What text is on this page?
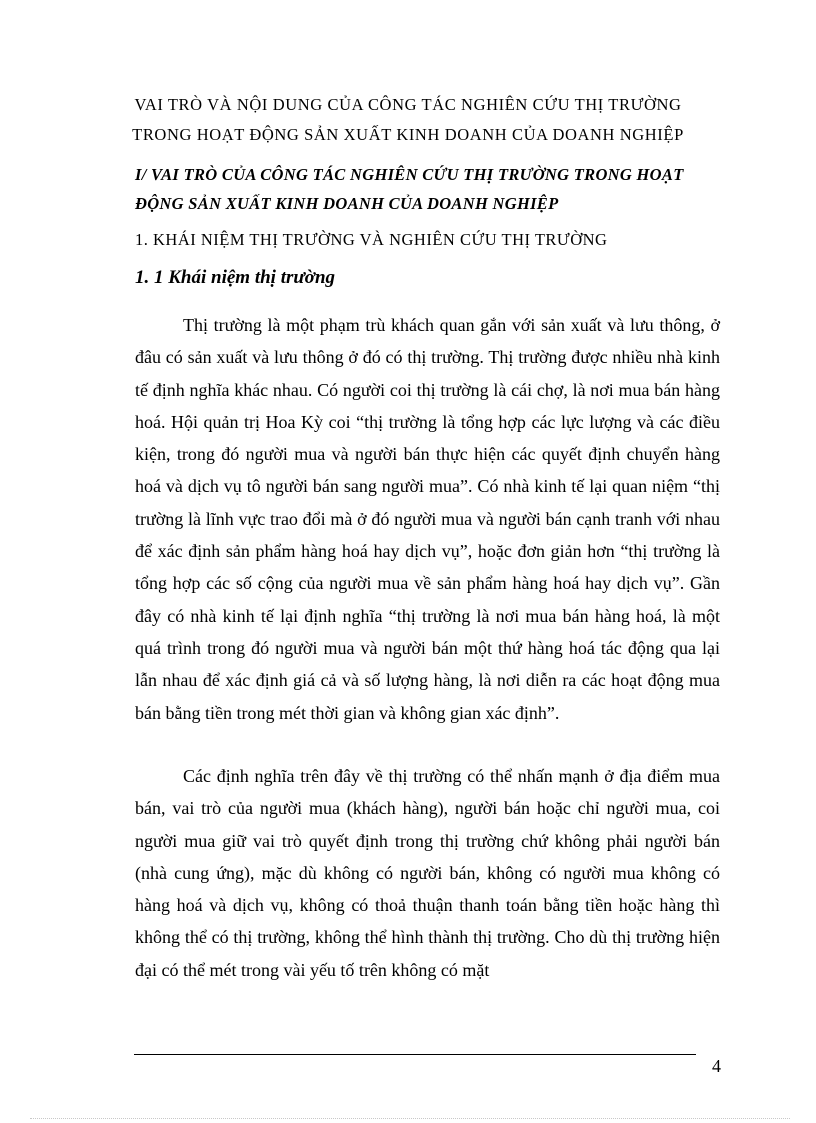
VAI TRÒ VÀ NỘI DUNG CỦA CÔNG TÁC NGHIÊN CỨU THỊ TRƯỜNG
TRONG HOẠT ĐỘNG SẢN XUẤT KINH DOANH CỦA DOANH NGHIỆP
I/ VAI TRÒ CỦA CÔNG TÁC NGHIÊN CỨU THỊ TRƯỜNG TRONG HOẠT ĐỘNG SẢN XUẤT KINH DOANH CỦA DOANH NGHIỆP
1. KHÁI NIỆM THỊ TRƯỜNG VÀ NGHIÊN CỨU THỊ TRƯỜNG
1. 1 Khái niệm thị trường

Thị trường là một phạm trù khách quan gắn với sản xuất và lưu thông, ở đâu có sản xuất và lưu thông ở đó có thị trường. Thị trường được nhiều nhà kinh tế định nghĩa khác nhau. Có người coi thị trường là cái chợ, là nơi mua bán hàng hoá. Hội quản trị Hoa Kỳ coi “thị trường là tổng hợp các lực lượng và các điều kiện, trong đó người mua và người bán thực hiện các quyết định chuyển hàng hoá và dịch vụ tô người bán sang người mua”. Có nhà kinh tế lại quan niệm “thị trường là lĩnh vực trao đổi mà ở đó người mua và người bán cạnh tranh với nhau để xác định sản phẩm hàng hoá hay dịch vụ”, hoặc đơn giản hơn “thị trường là tổng hợp các số cộng của người mua về sản phẩm hàng hoá hay dịch vụ”. Gần đây có nhà kinh tế lại định nghĩa “thị trường là nơi mua bán hàng hoá, là một quá trình trong đó người mua và người bán một thứ hàng hoá tác động qua lại lẫn nhau để xác định giá cả và số lượng hàng, là nơi diễn ra các hoạt động mua bán bằng tiền trong mét thời gian và không gian xác định”.

Các định nghĩa trên đây về thị trường có thể nhấn mạnh ở địa điểm mua bán, vai trò của người mua (khách hàng), người bán hoặc chỉ người mua, coi người mua giữ vai trò quyết định trong thị trường chứ không phải người bán (nhà cung ứng), mặc dù không có người bán, không có người mua không có hàng hoá và dịch vụ, không có thoả thuận thanh toán bằng tiền hoặc hàng thì không thể có thị trường, không thể hình thành thị trường. Cho dù thị trường hiện đại có thể mét trong vài yếu tố trên không có mặt

4
